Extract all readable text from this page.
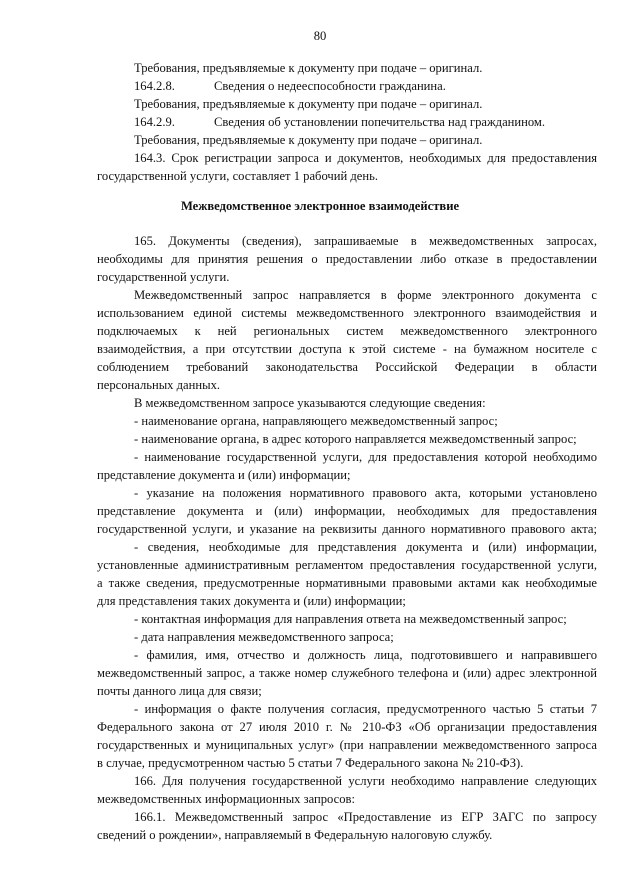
80
Требования, предъявляемые к документу при подаче – оригинал.
164.2.8.	Сведения о недееспособности гражданина.
Требования, предъявляемые к документу при подаче – оригинал.
164.2.9.	Сведения об установлении попечительства над гражданином.
Требования, предъявляемые к документу при подаче – оригинал.
164.3. Срок регистрации запроса и документов, необходимых для предоставления
государственной услуги, составляет 1 рабочий день.
Межведомственное электронное взаимодействие
165. Документы (сведения), запрашиваемые в межведомственных запросах,
необходимы для принятия решения о предоставлении либо отказе в предоставлении
государственной услуги.
Межведомственный запрос направляется в форме электронного документа с
использованием единой системы межведомственного электронного взаимодействия и
подключаемых к ней региональных систем межведомственного электронного
взаимодействия, а при отсутствии доступа к этой системе - на бумажном носителе с
соблюдением требований законодательства Российской Федерации в области
персональных данных.
В межведомственном запросе указываются следующие сведения:
- наименование органа, направляющего межведомственный запрос;
- наименование органа, в адрес которого направляется межведомственный запрос;
- наименование государственной услуги, для предоставления которой необходимо
представление документа и (или) информации;
- указание на положения нормативного правового акта, которыми установлено
представление документа и (или) информации, необходимых для предоставления
государственной услуги, и указание на реквизиты данного нормативного правового акта;
- сведения, необходимые для представления документа и (или) информации,
установленные административным регламентом предоставления государственной услуги,
а также сведения, предусмотренные нормативными правовыми актами как необходимые
для представления таких документа и (или) информации;
- контактная информация для направления ответа на межведомственный запрос;
- дата направления межведомственного запроса;
- фамилия, имя, отчество и должность лица, подготовившего и направившего
межведомственный запрос, а также номер служебного телефона и (или) адрес электронной
почты данного лица для связи;
- информация о факте получения согласия, предусмотренного частью 5 статьи 7
Федерального закона от 27 июля 2010 г. № 210-ФЗ «Об организации предоставления
государственных и муниципальных услуг» (при направлении межведомственного запроса
в случае, предусмотренном частью 5 статьи 7 Федерального закона № 210-ФЗ).
166. Для получения государственной услуги необходимо направление следующих
межведомственных информационных запросов:
166.1. Межведомственный запрос «Предоставление из ЕГР ЗАГС по запросу
сведений о рождении», направляемый в Федеральную налоговую службу.
